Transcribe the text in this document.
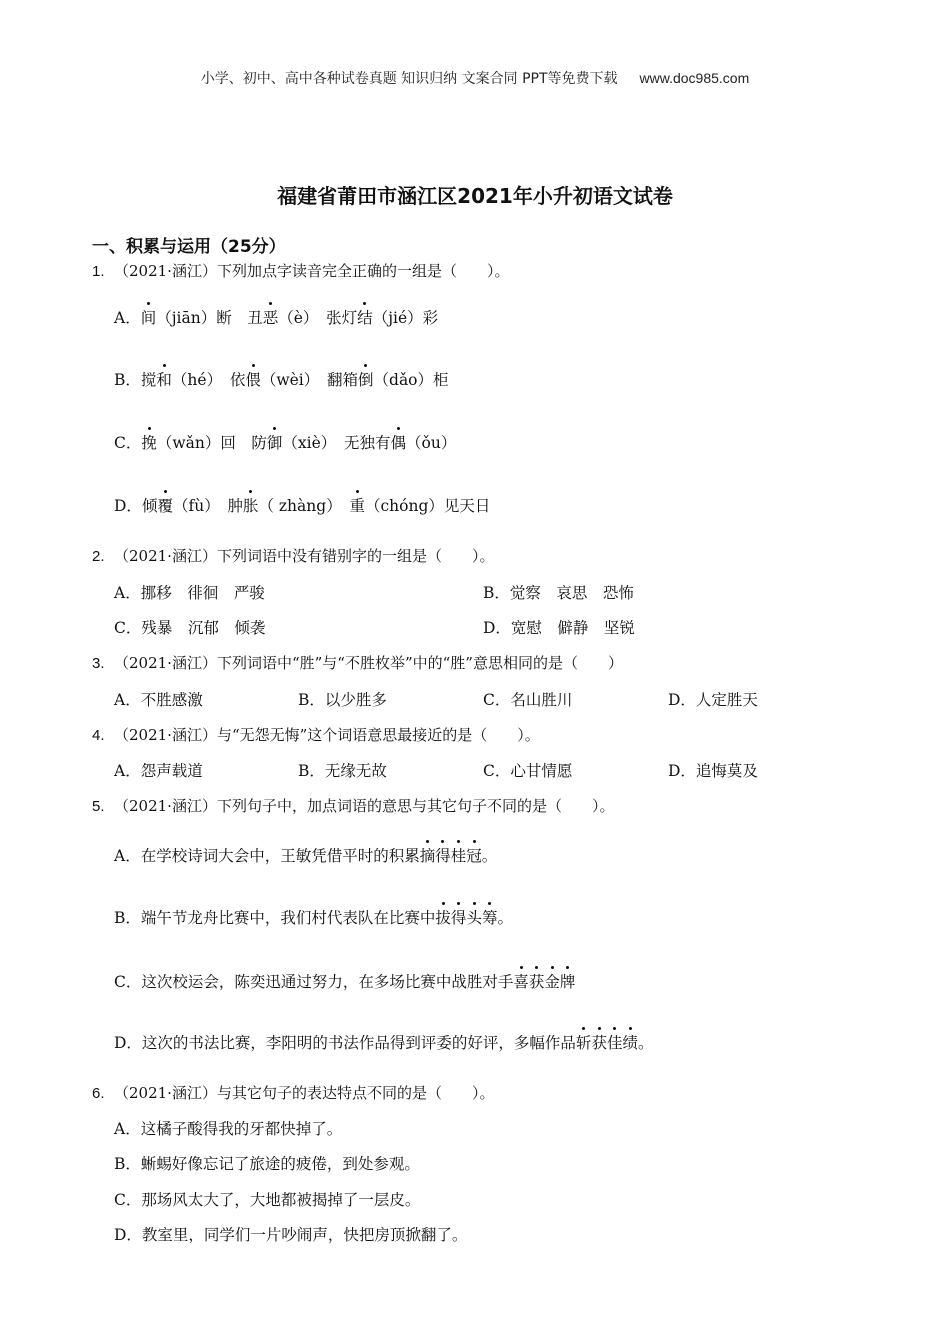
小学、初中、高中各种试卷真题 知识归纳 文案合同 PPT等免费下载 www.doc985.com
福建省莆田市涵江区2021年小升初语文试卷
一、积累与运用（25分）
1. （2021·涵江）下列加点字读音完全正确的一组是（　　）。
A．间（jiān）断　丑恶（è）　张灯结（jié）彩
B．搅和（hé）　依偎（wèi）　翻箱倒（dǎo）柜
C．挽（wǎn）回　防御（xiè）　无独有偶（ǒu）
D．倾覆（fù）　肿胀（ zhàng）　重（chóng）见天日
2. （2021·涵江）下列词语中没有错别字的一组是（　　）。
A．挪移　徘徊　严骏	B．觉察　哀思　恐怖
C．残暴　沉郁　倾袭	D．宽慰　僻静　坚锐
3. （2021·涵江）下列词语中“胜”与“不胜枚举”中的“胜”意思相同的是（　　）
A．不胜感激	B．以少胜多	C．名山胜川	D．人定胜天
4. （2021·涵江）与“无怨无悔”这个词语意思最接近的是（　　）。
A．怨声载道	B．无缘无故	C．心甘情愿	D．追悔莫及
5. （2021·涵江）下列句子中，加点词语的意思与其它句子不同的是（　　）。
A．在学校诗词大会中，王敏凭借平时的积累摘得桂冠。
B．端午节龙舟比赛中，我们村代表队在比赛中拔得头筹。
C．这次校运会，陈奕迅通过努力，在多场比赛中战胜对手喜获金牌
D．这次的书法比赛，李阳明的书法作品得到评委的好评，多幅作品斩获佳绩。
6. （2021·涵江）与其它句子的表达特点不同的是（　　）。
A．这橘子酸得我的牙都快掉了。
B．蜥蜴好像忘记了旅途的疲倦，到处参观。
C．那场风太大了，大地都被揭掉了一层皮。
D．教室里，同学们一片吵闹声，快把房顶掀翻了。
